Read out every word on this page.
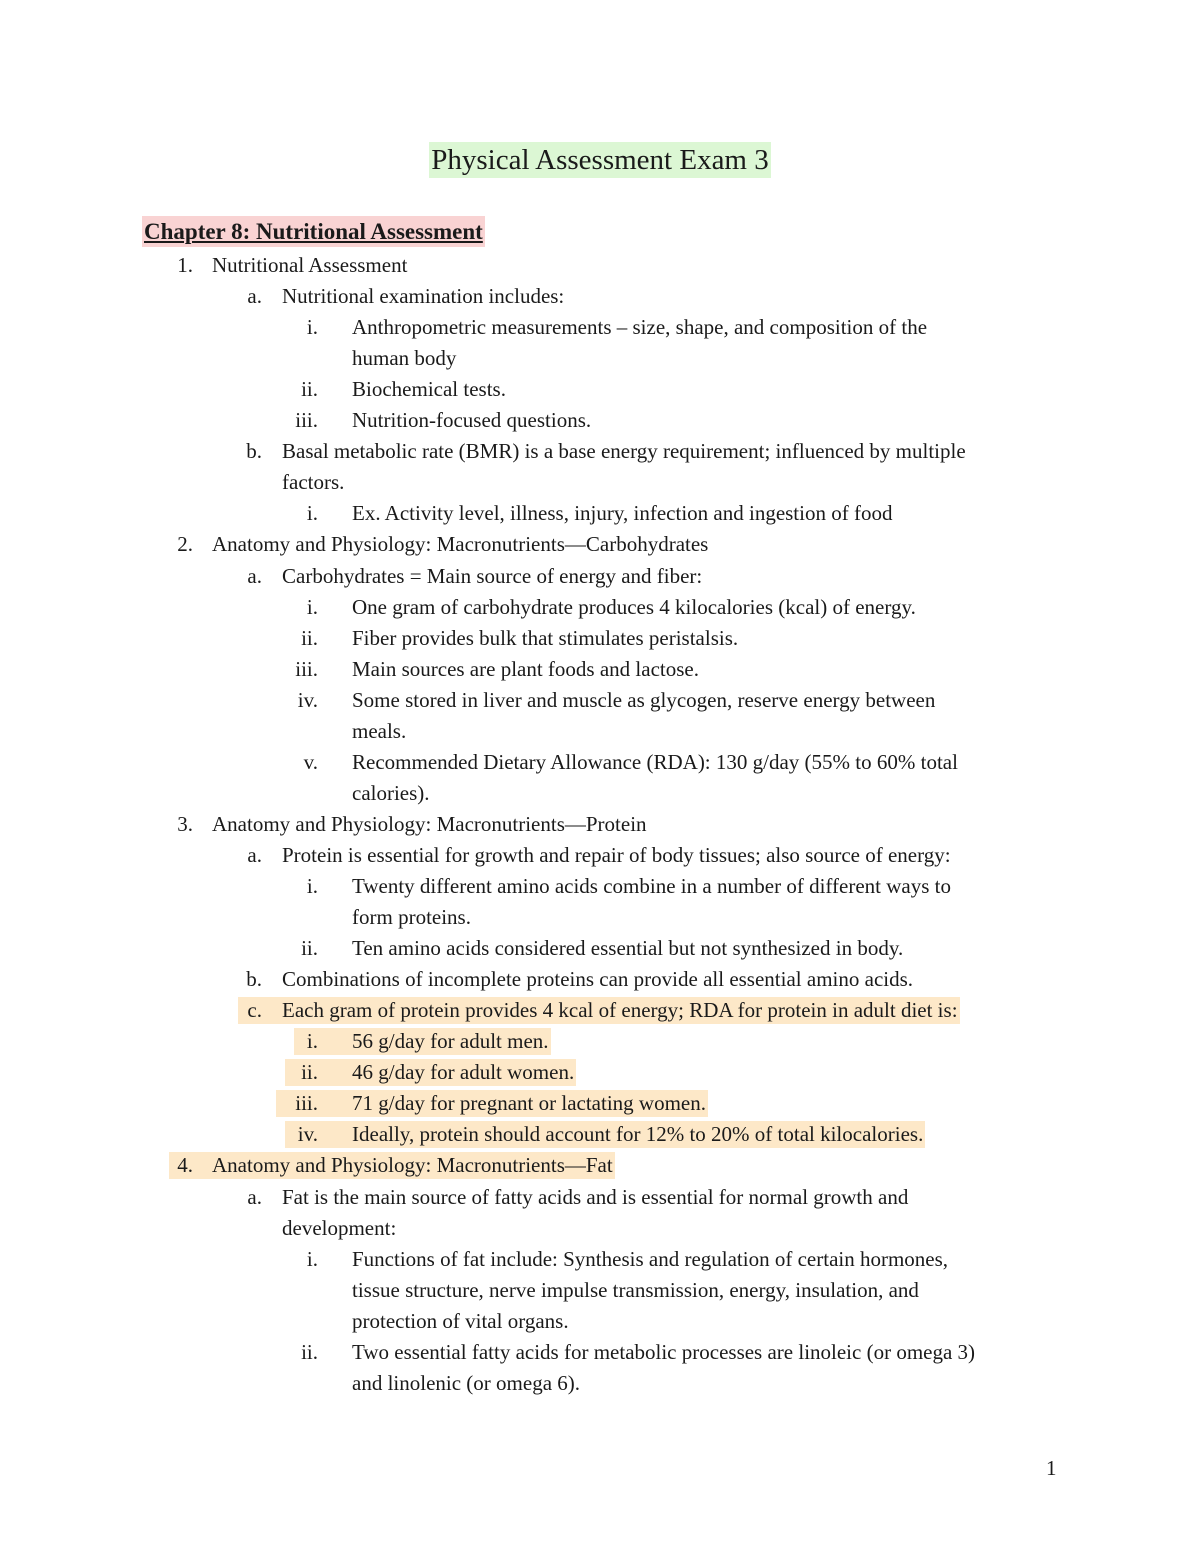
Physical Assessment Exam 3
Chapter 8: Nutritional Assessment
1. Nutritional Assessment
a. Nutritional examination includes:
i. Anthropometric measurements – size, shape, and composition of the
human body
ii. Biochemical tests.
iii. Nutrition-focused questions.
b. Basal metabolic rate (BMR) is a base energy requirement; influenced by multiple
factors.
i. Ex. Activity level, illness, injury, infection and ingestion of food
2. Anatomy and Physiology: Macronutrients—Carbohydrates
a. Carbohydrates = Main source of energy and fiber:
i. One gram of carbohydrate produces 4 kilocalories (kcal) of energy.
ii. Fiber provides bulk that stimulates peristalsis.
iii. Main sources are plant foods and lactose.
iv. Some stored in liver and muscle as glycogen, reserve energy between
meals.
v. Recommended Dietary Allowance (RDA): 130 g/day (55% to 60% total
calories).
3. Anatomy and Physiology: Macronutrients—Protein
a. Protein is essential for growth and repair of body tissues; also source of energy:
i. Twenty different amino acids combine in a number of different ways to
form proteins.
ii. Ten amino acids considered essential but not synthesized in body.
b. Combinations of incomplete proteins can provide all essential amino acids.
c. Each gram of protein provides 4 kcal of energy; RDA for protein in adult diet is:
i. 56 g/day for adult men.
ii. 46 g/day for adult women.
iii. 71 g/day for pregnant or lactating women.
iv. Ideally, protein should account for 12% to 20% of total kilocalories.
4. Anatomy and Physiology: Macronutrients—Fat
a. Fat is the main source of fatty acids and is essential for normal growth and
development:
i. Functions of fat include: Synthesis and regulation of certain hormones,
tissue structure, nerve impulse transmission, energy, insulation, and
protection of vital organs.
ii. Two essential fatty acids for metabolic processes are linoleic (or omega 3)
and linolenic (or omega 6).
1
